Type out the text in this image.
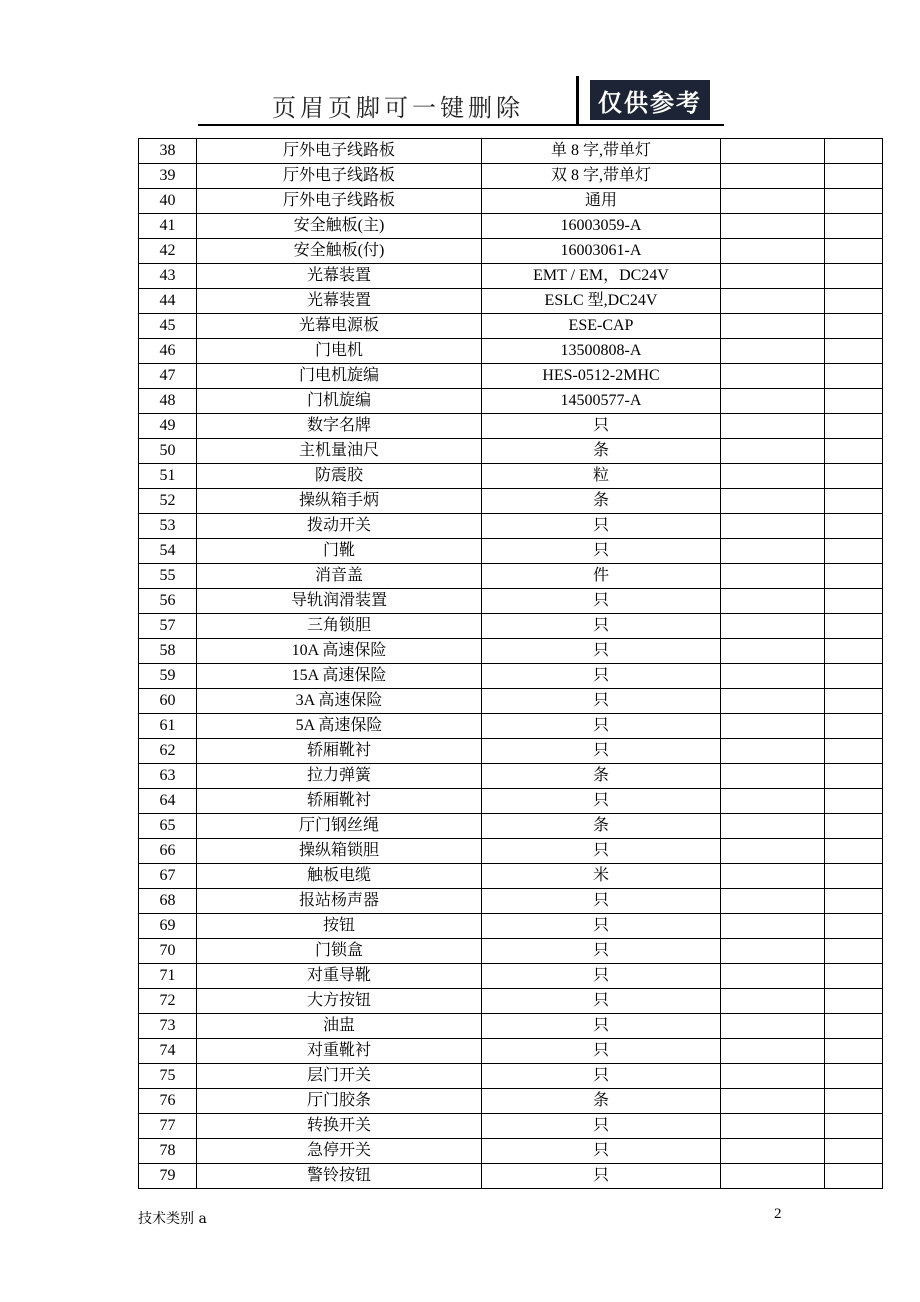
页眉页脚可一键删除	仅供参考
38	厅外电子线路板	单 8 字,带单灯		
39	厅外电子线路板	双 8 字,带单灯		
40	厅外电子线路板	通用		
41	安全触板(主)	16003059-A		
42	安全触板(付)	16003061-A		
43	光幕装置	EMT / EM，DC24V		
44	光幕装置	ESLC 型,DC24V		
45	光幕电源板	ESE-CAP		
46	门电机	13500808-A		
47	门电机旋编	HES-0512-2MHC		
48	门机旋编	14500577-A		
49	数字名牌	只		
50	主机量油尺	条		
51	防震胶	粒		
52	操纵箱手炳	条		
53	拨动开关	只		
54	门靴	只		
55	消音盖	件		
56	导轨润滑装置	只		
57	三角锁胆	只		
58	10A 高速保险	只		
59	15A 高速保险	只		
60	3A 高速保险	只		
61	5A 高速保险	只		
62	轿厢靴衬	只		
63	拉力弹簧	条		
64	轿厢靴衬	只		
65	厅门钢丝绳	条		
66	操纵箱锁胆	只		
67	触板电缆	米		
68	报站杨声器	只		
69	按钮	只		
70	门锁盒	只		
71	对重导靴	只		
72	大方按钮	只		
73	油盅	只		
74	对重靴衬	只		
75	层门开关	只		
76	厅门胶条	条		
77	转换开关	只		
78	急停开关	只		
79	警铃按钮	只		
技术类别 a	2
